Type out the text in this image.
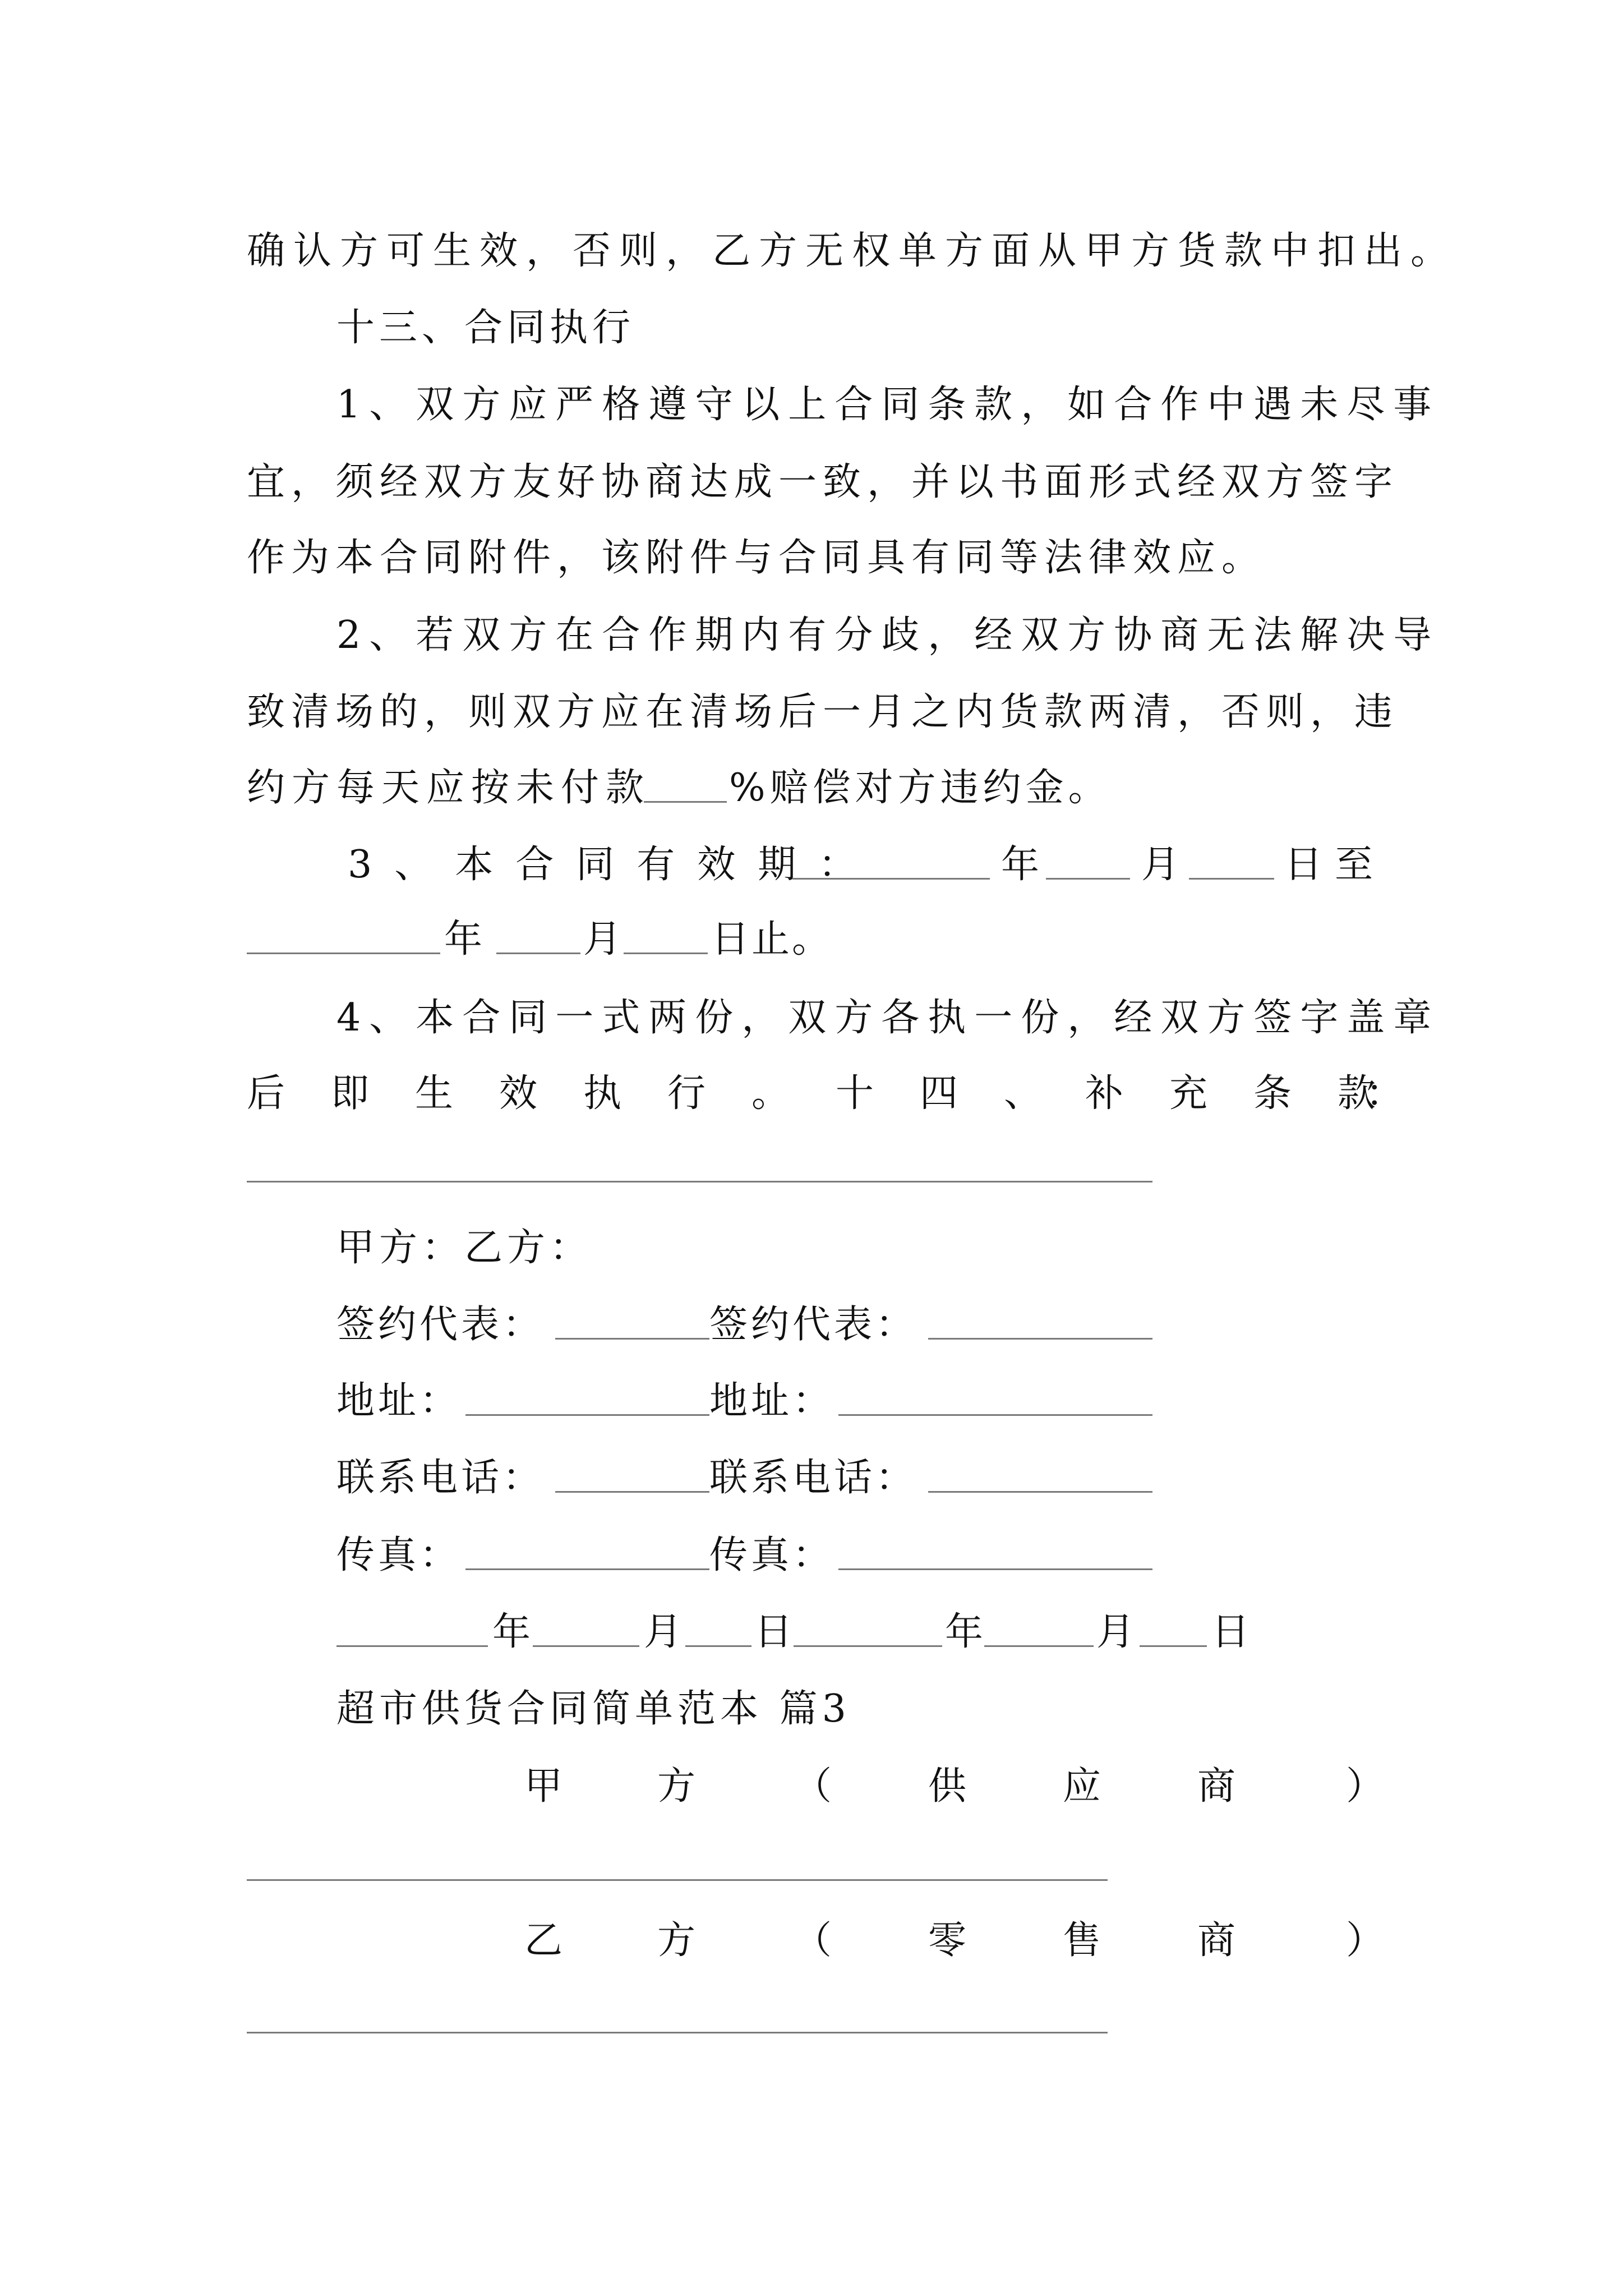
确认方可生效，否则，乙方无权单方面从甲方货款中扣出。
十三、合同执行
1、双方应严格遵守以上合同条款，如合作中遇未尽事
宜，须经双方友好协商达成一致，并以书面形式经双方签字
作为本合同附件，该附件与合同具有同等法律效应。
2、若双方在合作期内有分歧，经双方协商无法解决导
致清场的，则双方应在清场后一月之内货款两清，否则，违
约方每天应按未付款 %赔偿对方违约金。
3、本合同有效期：	年	月	日至
年	月 日止。
4、本合同一式两份，双方各执一份，经双方签字盖章
后 即 生 效 执 行 。 十 四 、 补 充 条 款
：
甲方：乙方：
签约代表：	签约代表：
地址：	地址：
联系电话：	联系电话：
传真：	传真：
年	月 日	年	月 日
超市供货合同简单范本 篇3
甲 方	（	供	应	商	）
乙 方	（	零	售	商	）
